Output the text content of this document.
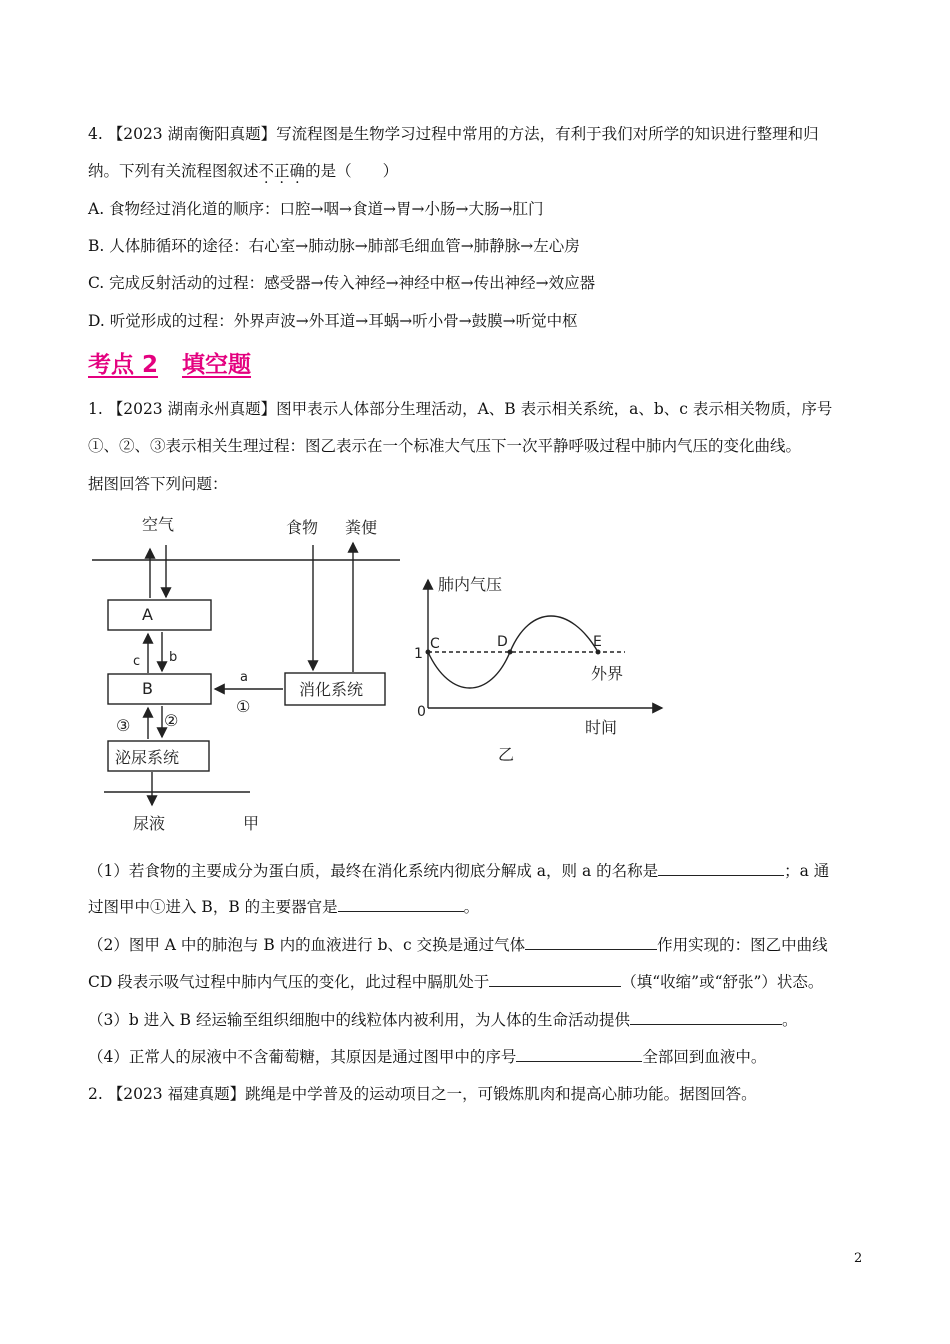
4. 【2023 湖南衡阳真题】写流程图是生物学习过程中常用的方法，有利于我们对所学的知识进行整理和归
纳。下列有关流程图叙述不正确的是（　　）
A. 食物经过消化道的顺序：口腔→咽→食道→胃→小肠→大肠→肛门
B. 人体肺循环的途径：右心室→肺动脉→肺部毛细血管→肺静脉→左心房
C. 完成反射活动的过程：感受器→传入神经→神经中枢→传出神经→效应器
D. 听觉形成的过程：外界声波→外耳道→耳蜗→听小骨→鼓膜→听觉中枢
考点 2 填空题
1. 【2023 湖南永州真题】图甲表示人体部分生理活动，A、B 表示相关系统，a、b、c 表示相关物质，序号
①、②、③表示相关生理过程：图乙表示在一个标准大气压下一次平静呼吸过程中肺内气压的变化曲线。
据图回答下列问题：
空气	食物 粪便
A
B	消化系统
泌尿系统
c b
a
①
③ ②
尿液	甲
肺内气压
1
C	D	E
外界
0
时间
乙
（1）若食物的主要成分为蛋白质，最终在消化系统内彻底分解成 a，则 a 的名称是	；a 通
过图甲中①进入 B，B 的主要器官是	。
（2）图甲 A 中的肺泡与 B 内的血液进行 b、c 交换是通过气体	作用实现的：图乙中曲线
CD 段表示吸气过程中肺内气压的变化，此过程中膈肌处于	（填“收缩”或“舒张”）状态。
（3）b 进入 B 经运输至组织细胞中的线粒体内被利用，为人体的生命活动提供	。
（4）正常人的尿液中不含葡萄糖，其原因是通过图甲中的序号	全部回到血液中。
2. 【2023 福建真题】跳绳是中学普及的运动项目之一，可锻炼肌肉和提高心肺功能。据图回答。
2
